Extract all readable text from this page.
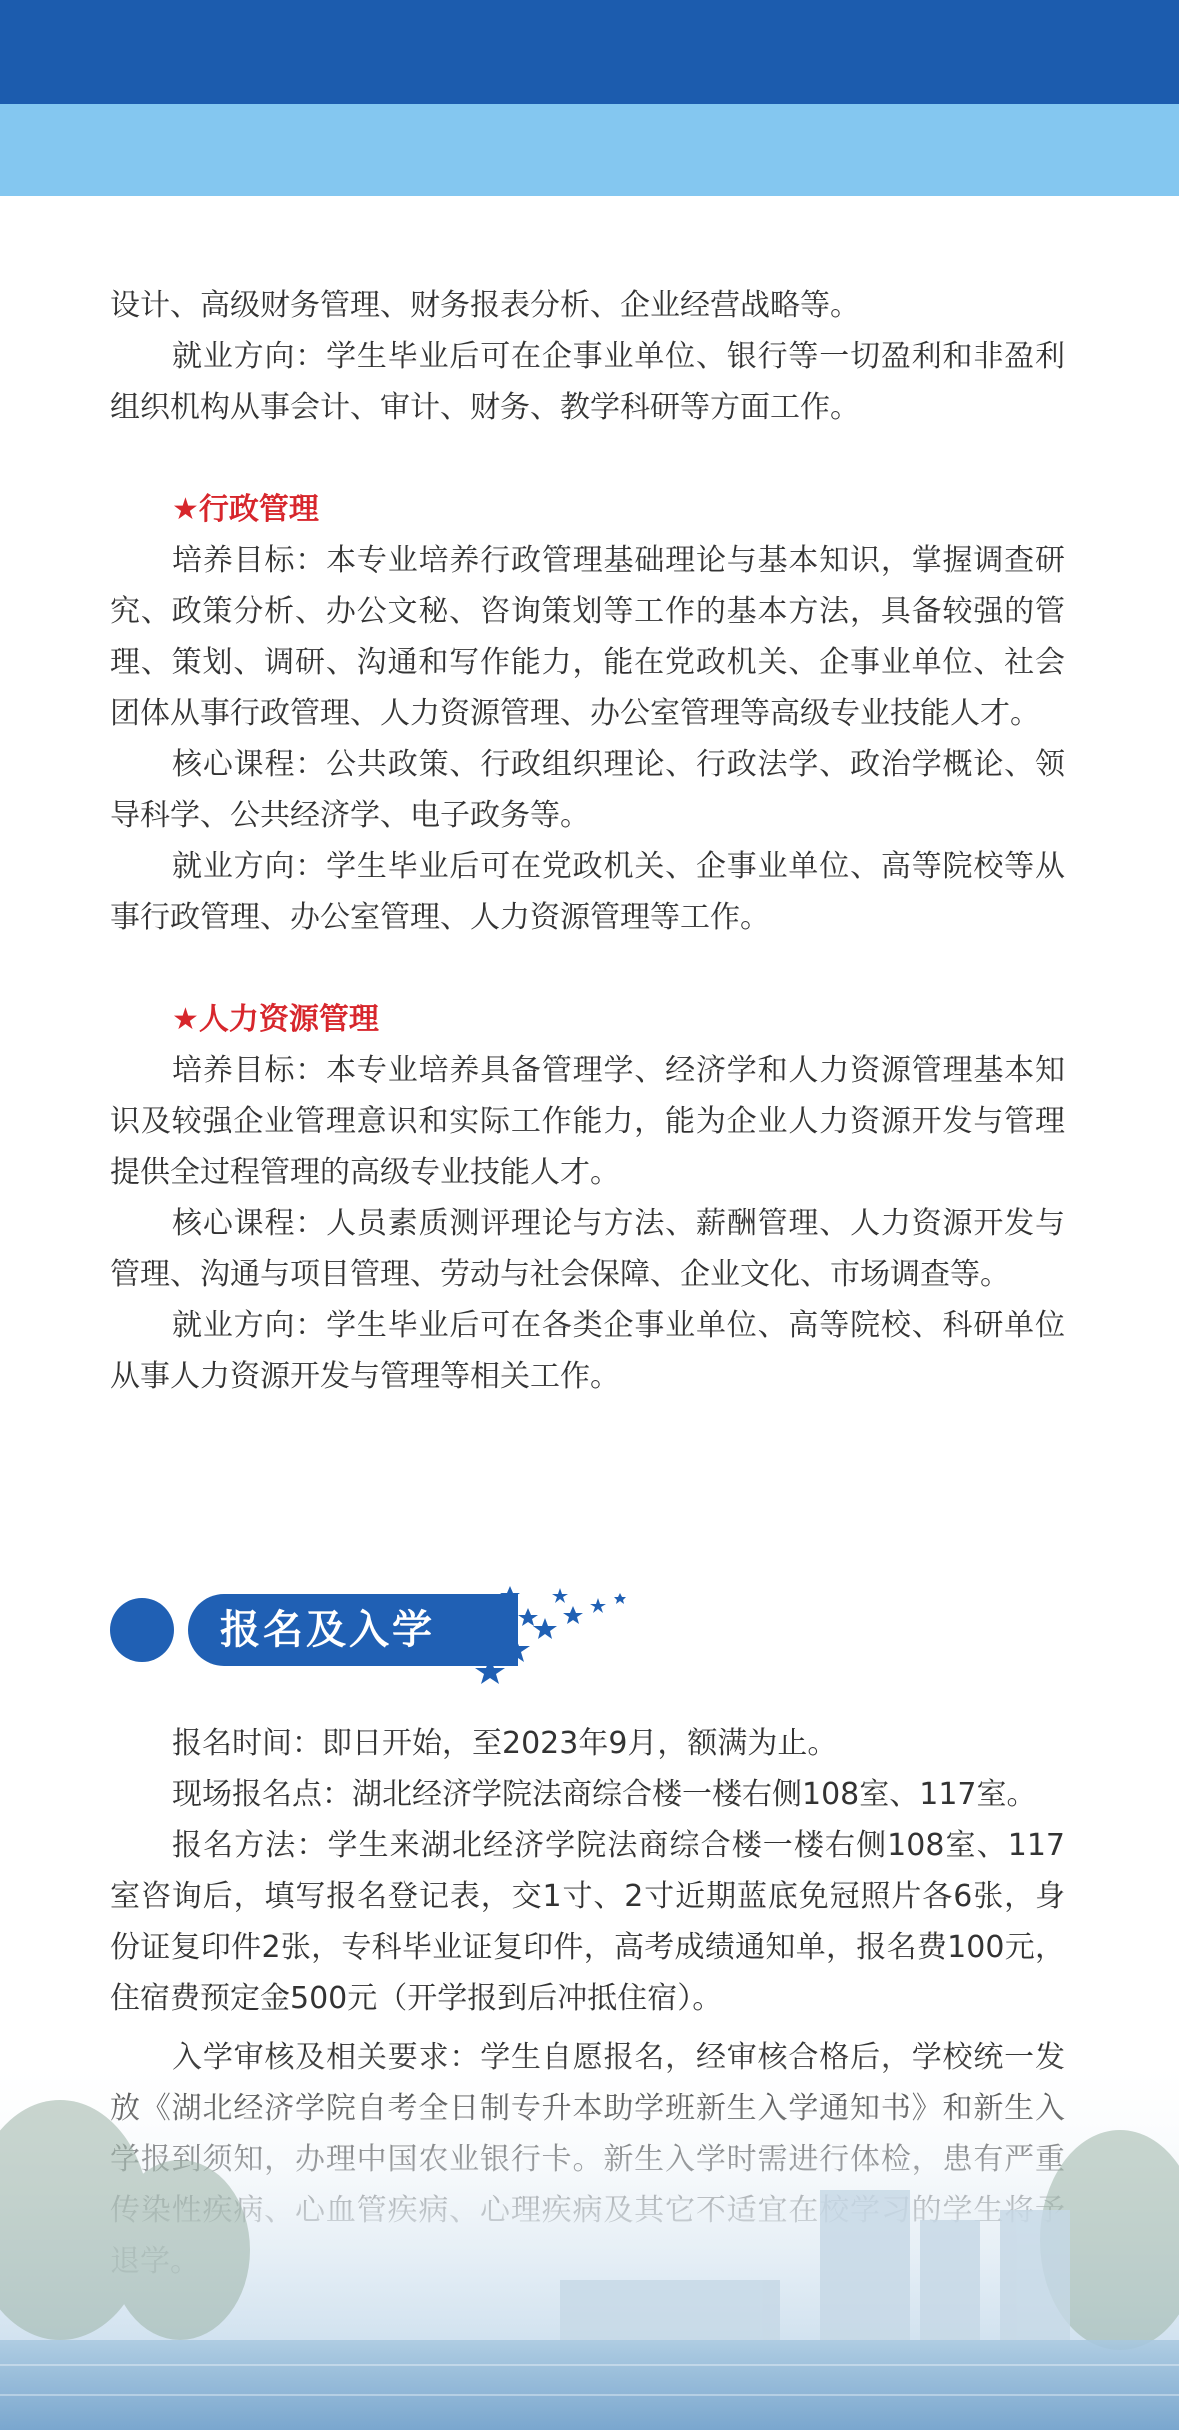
设计、高级财务管理、财务报表分析、企业经营战略等。

就业方向：学生毕业后可在企事业单位、银行等一切盈利和非盈利组织机构从事会计、审计、财务、教学科研等方面工作。

★行政管理

培养目标：本专业培养行政管理基础理论与基本知识，掌握调查研究、政策分析、办公文秘、咨询策划等工作的基本方法，具备较强的管理、策划、调研、沟通和写作能力，能在党政机关、企事业单位、社会团体从事行政管理、人力资源管理、办公室管理等高级专业技能人才。

核心课程：公共政策、行政组织理论、行政法学、政治学概论、领导科学、公共经济学、电子政务等。

就业方向：学生毕业后可在党政机关、企事业单位、高等院校等从事行政管理、办公室管理、人力资源管理等工作。

★人力资源管理

培养目标：本专业培养具备管理学、经济学和人力资源管理基本知识及较强企业管理意识和实际工作能力，能为企业人力资源开发与管理提供全过程管理的高级专业技能人才。

核心课程：人员素质测评理论与方法、薪酬管理、人力资源开发与管理、沟通与项目管理、劳动与社会保障、企业文化、市场调查等。

就业方向：学生毕业后可在各类企事业单位、高等院校、科研单位从事人力资源开发与管理等相关工作。

报名及入学

报名时间：即日开始，至2023年9月，额满为止。

现场报名点：湖北经济学院法商综合楼一楼右侧108室、117室。

报名方法：学生来湖北经济学院法商综合楼一楼右侧108室、117室咨询后，填写报名登记表，交1寸、2寸近期蓝底免冠照片各6张，身份证复印件2张，专科毕业证复印件，高考成绩通知单，报名费100元，住宿费预定金500元（开学报到后冲抵住宿）。
